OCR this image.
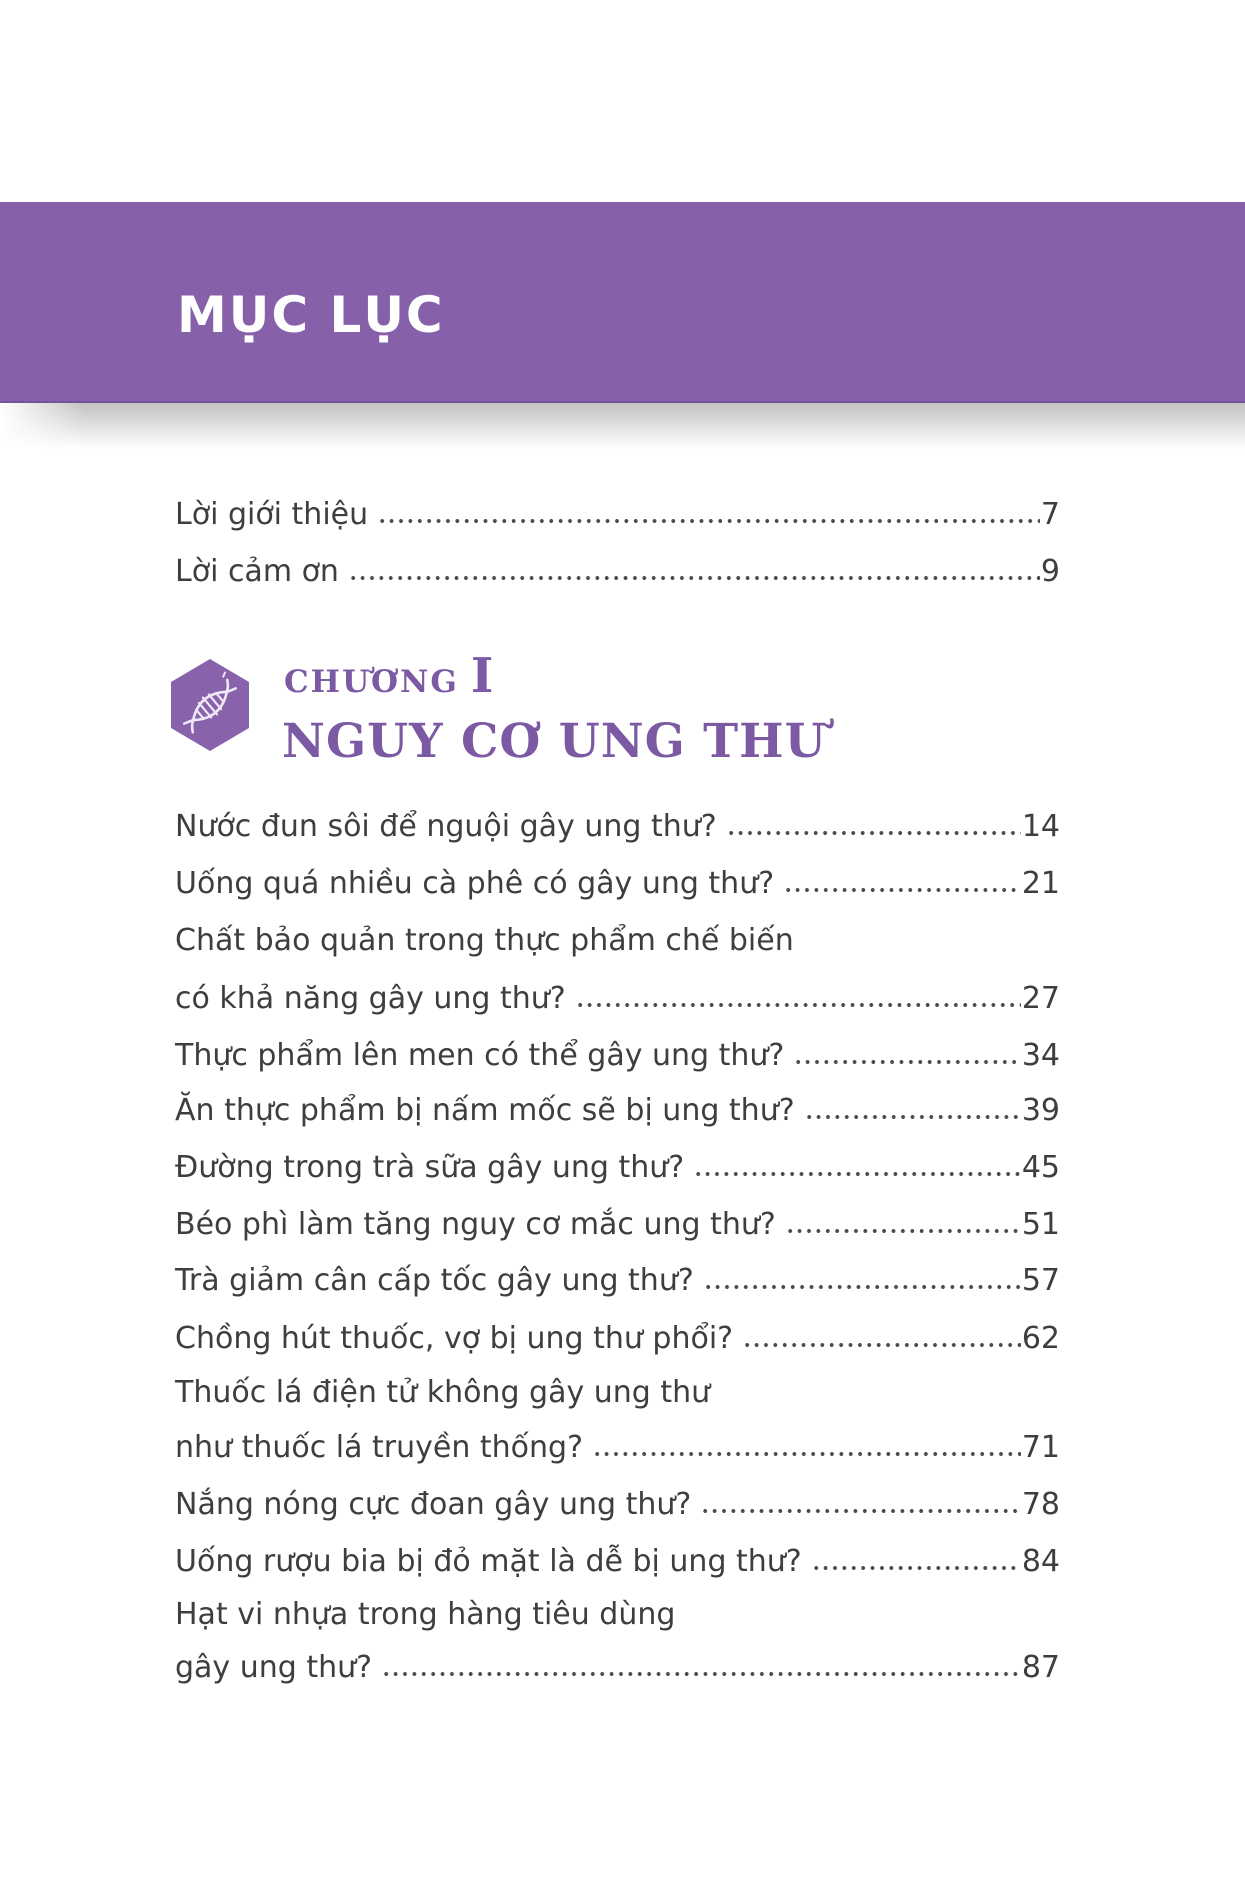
MỤC LỤC
Lời giới thiệu	7
Lời cảm ơn	9
CHƯƠNG I
NGUY CƠ UNG THƯ
Nước đun sôi để nguội gây ung thư?	14
Uống quá nhiều cà phê có gây ung thư?	21
Chất bảo quản trong thực phẩm chế biến
có khả năng gây ung thư?	27
Thực phẩm lên men có thể gây ung thư?	34
Ăn thực phẩm bị nấm mốc sẽ bị ung thư?	39
Đường trong trà sữa gây ung thư?	45
Béo phì làm tăng nguy cơ mắc ung thư?	51
Trà giảm cân cấp tốc gây ung thư?	57
Chồng hút thuốc, vợ bị ung thư phổi?	62
Thuốc lá điện tử không gây ung thư
như thuốc lá truyền thống?	71
Nắng nóng cực đoan gây ung thư?	78
Uống rượu bia bị đỏ mặt là dễ bị ung thư?	84
Hạt vi nhựa trong hàng tiêu dùng
gây ung thư?	87
